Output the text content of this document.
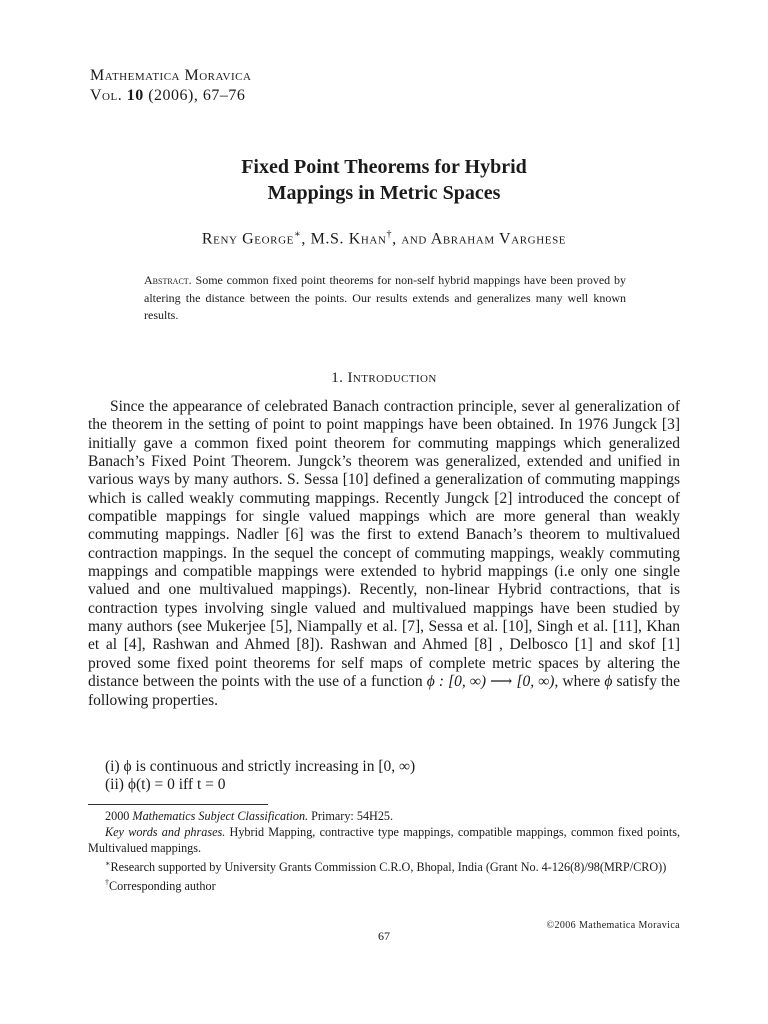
Mathematica Moravica
Vol. 10 (2006), 67–76
Fixed Point Theorems for Hybrid
Mappings in Metric Spaces
Reny George∗, M.S. Khan†, and Abraham Varghese
Abstract. Some common fixed point theorems for non-self hybrid mappings have been proved by altering the distance between the points. Our results extends and generalizes many well known results.
1. Introduction

Since the appearance of celebrated Banach contraction principle, sever al generalization of the theorem in the setting of point to point mappings have been obtained. In 1976 Jungck [3] initially gave a common fixed point theorem for commuting mappings which generalized Banach’s Fixed Point Theorem. Jungck’s theorem was generalized, extended and unified in various ways by many authors. S. Sessa [10] defined a generalization of commuting mappings which is called weakly commuting mappings. Recently Jungck [2] introduced the concept of compatible mappings for single valued mappings which are more general than weakly commuting mappings. Nadler [6] was the first to extend Banach’s theorem to multivalued contraction mappings. In the sequel the concept of commuting mappings, weakly commuting mappings and compatible mappings were extended to hybrid mappings (i.e only one single valued and one multivalued mappings). Recently, non-linear Hybrid contractions, that is contraction types involving single valued and multivalued mappings have been studied by many authors (see Mukerjee [5], Niampally et al. [7], Sessa et al. [10], Singh et al. [11], Khan et al [4], Rashwan and Ahmed [8]). Rashwan and Ahmed [8] , Delbosco [1] and skof [1] proved some fixed point theorems for self maps of complete metric spaces by altering the distance between the points with the use of a function ϕ : [0, ∞) ⟶ [0, ∞), where ϕ satisfy the following properties.

(i) ϕ is continuous and strictly increasing in [0, ∞)
(ii) ϕ(t) = 0 iff t = 0

2000 Mathematics Subject Classification. Primary: 54H25.

Key words and phrases. Hybrid Mapping, contractive type mappings, compatible mappings, common fixed points, Multivalued mappings.

∗Research supported by University Grants Commission C.R.O, Bhopal, India (Grant No. 4-126(8)/98(MRP/CRO))

†Corresponding author

©2006 Mathematica Moravica
67
